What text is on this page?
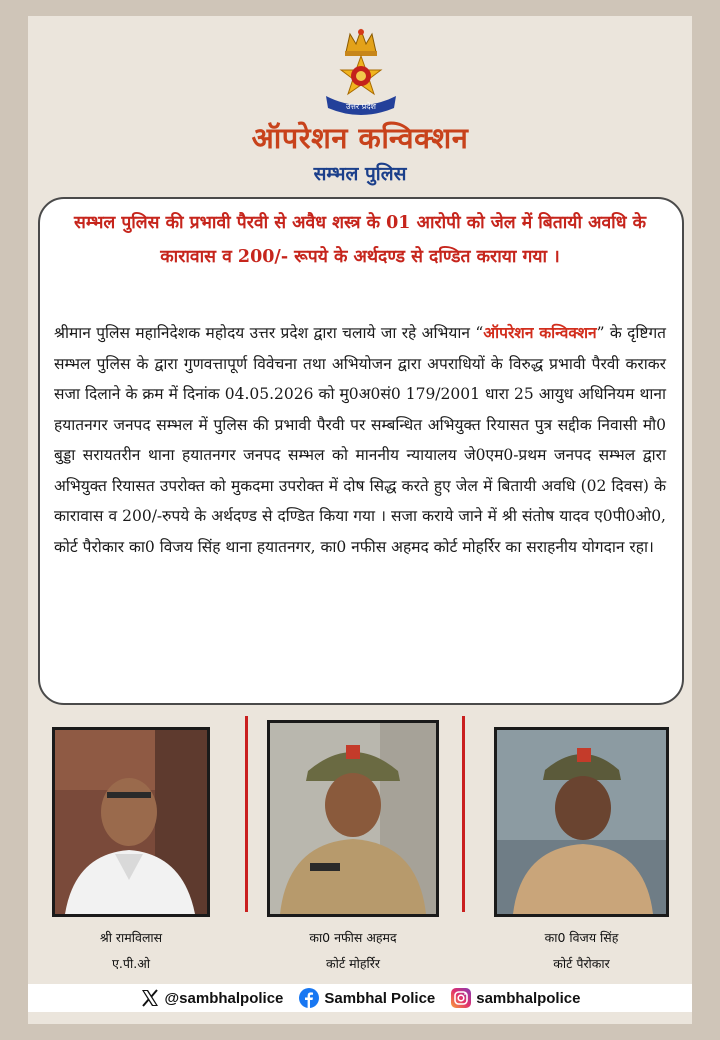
उत्तर प्रदेश
ऑपरेशन कन्विक्शन
सम्भल पुलिस
सम्भल पुलिस की प्रभावी पैरवी से अवैध शस्त्र के 01 आरोपी को जेल में बितायी अवधि के कारावास व 200/- रूपये के अर्थदण्ड से दण्डित कराया गया ।
श्रीमान पुलिस महानिदेशक महोदय उत्तर प्रदेश द्वारा चलाये जा रहे अभियान “ऑपरेशन कन्विक्शन” के दृष्टिगत सम्भल पुलिस के द्वारा गुणवत्तापूर्ण विवेचना तथा अभियोजन द्वारा अपराधियों के विरुद्ध प्रभावी पैरवी कराकर सजा दिलाने के क्रम में दिनांक 04.05.2026 को मु0अ0सं0 179/2001 धारा 25 आयुध अधिनियम थाना हयातनगर जनपद सम्भल में पुलिस की प्रभावी पैरवी पर सम्बन्धित अभियुक्त रियासत पुत्र सद्दीक निवासी मौ0 बुड्डा सरायतरीन थाना हयातनगर जनपद सम्भल को माननीय न्यायालय जे0एम0-प्रथम जनपद सम्भल द्वारा अभियुक्त रियासत उपरोक्त को मुकदमा उपरोक्त में दोष सिद्ध करते हुए जेल में बितायी अवधि (02 दिवस) के कारावास व 200/-रुपये के अर्थदण्ड से दण्डित किया गया । सजा कराये जाने में श्री संतोष यादव ए0पी0ओ0, कोर्ट पैरोकार का0 विजय सिंह थाना हयातनगर, का0 नफीस अहमद कोर्ट मोहर्रिर का सराहनीय योगदान रहा।
श्री रामविलास
ए.पी.ओ
का0 नफीस अहमद
कोर्ट मोहर्रिर
का0 विजय सिंह
कोर्ट पैरोकार
@sambhalpolice	Sambhal Police	sambhalpolice
